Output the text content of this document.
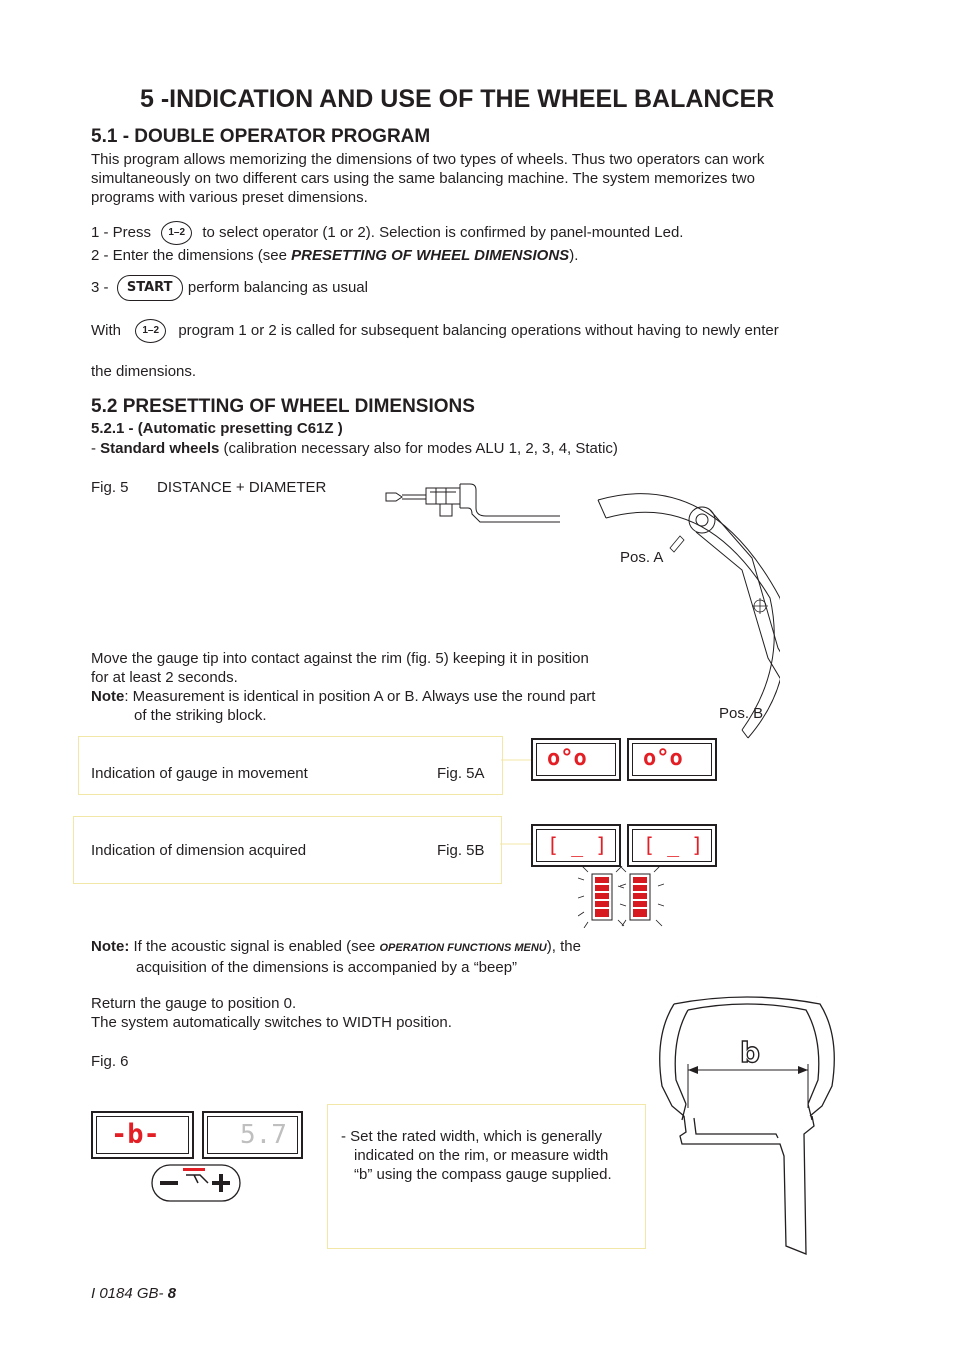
5 -INDICATION AND USE OF THE WHEEL BALANCER
5.1 - DOUBLE OPERATOR PROGRAM
This program allows memorizing the dimensions of two types of wheels. Thus two operators can work
simultaneously on two different cars using the same balancing machine. The system memorizes two
programs with various preset dimensions.
1 - Press 1–2 to select operator (1 or 2). Selection is confirmed by panel-mounted Led.
2 - Enter the dimensions (see PRESETTING OF WHEEL DIMENSIONS).
3 - START perform balancing as usual
With 1–2 program 1 or 2 is called for subsequent balancing operations without having to newly enter
the dimensions.
5.2 PRESETTING OF WHEEL DIMENSIONS
5.2.1 - (Automatic presetting C61Z )
- Standard wheels (calibration necessary also for modes ALU 1, 2, 3, 4, Static)
Fig. 5 DISTANCE + DIAMETER
Pos. A
Pos. B
Move the gauge tip into contact against the rim (fig. 5) keeping it in position
for at least 2 seconds.
Note: Measurement is identical in position A or B. Always use the round part
of the striking block.
Indication of gauge in movement	Fig. 5A
o°o	o°o
Indication of dimension acquired	Fig. 5B	[ _ ] [ _ ]
Note: If the acoustic signal is enabled (see OPERATION FUNCTIONS MENU), the
acquisition of the dimensions is accompanied by a “beep”
Return the gauge to position 0.
The system automatically switches to WIDTH position.
Fig. 6
-b-	5.7	- Set the rated width, which is generally
indicated on the rim, or measure width
“b” using the compass gauge supplied.
b
I 0184 GB- 8
